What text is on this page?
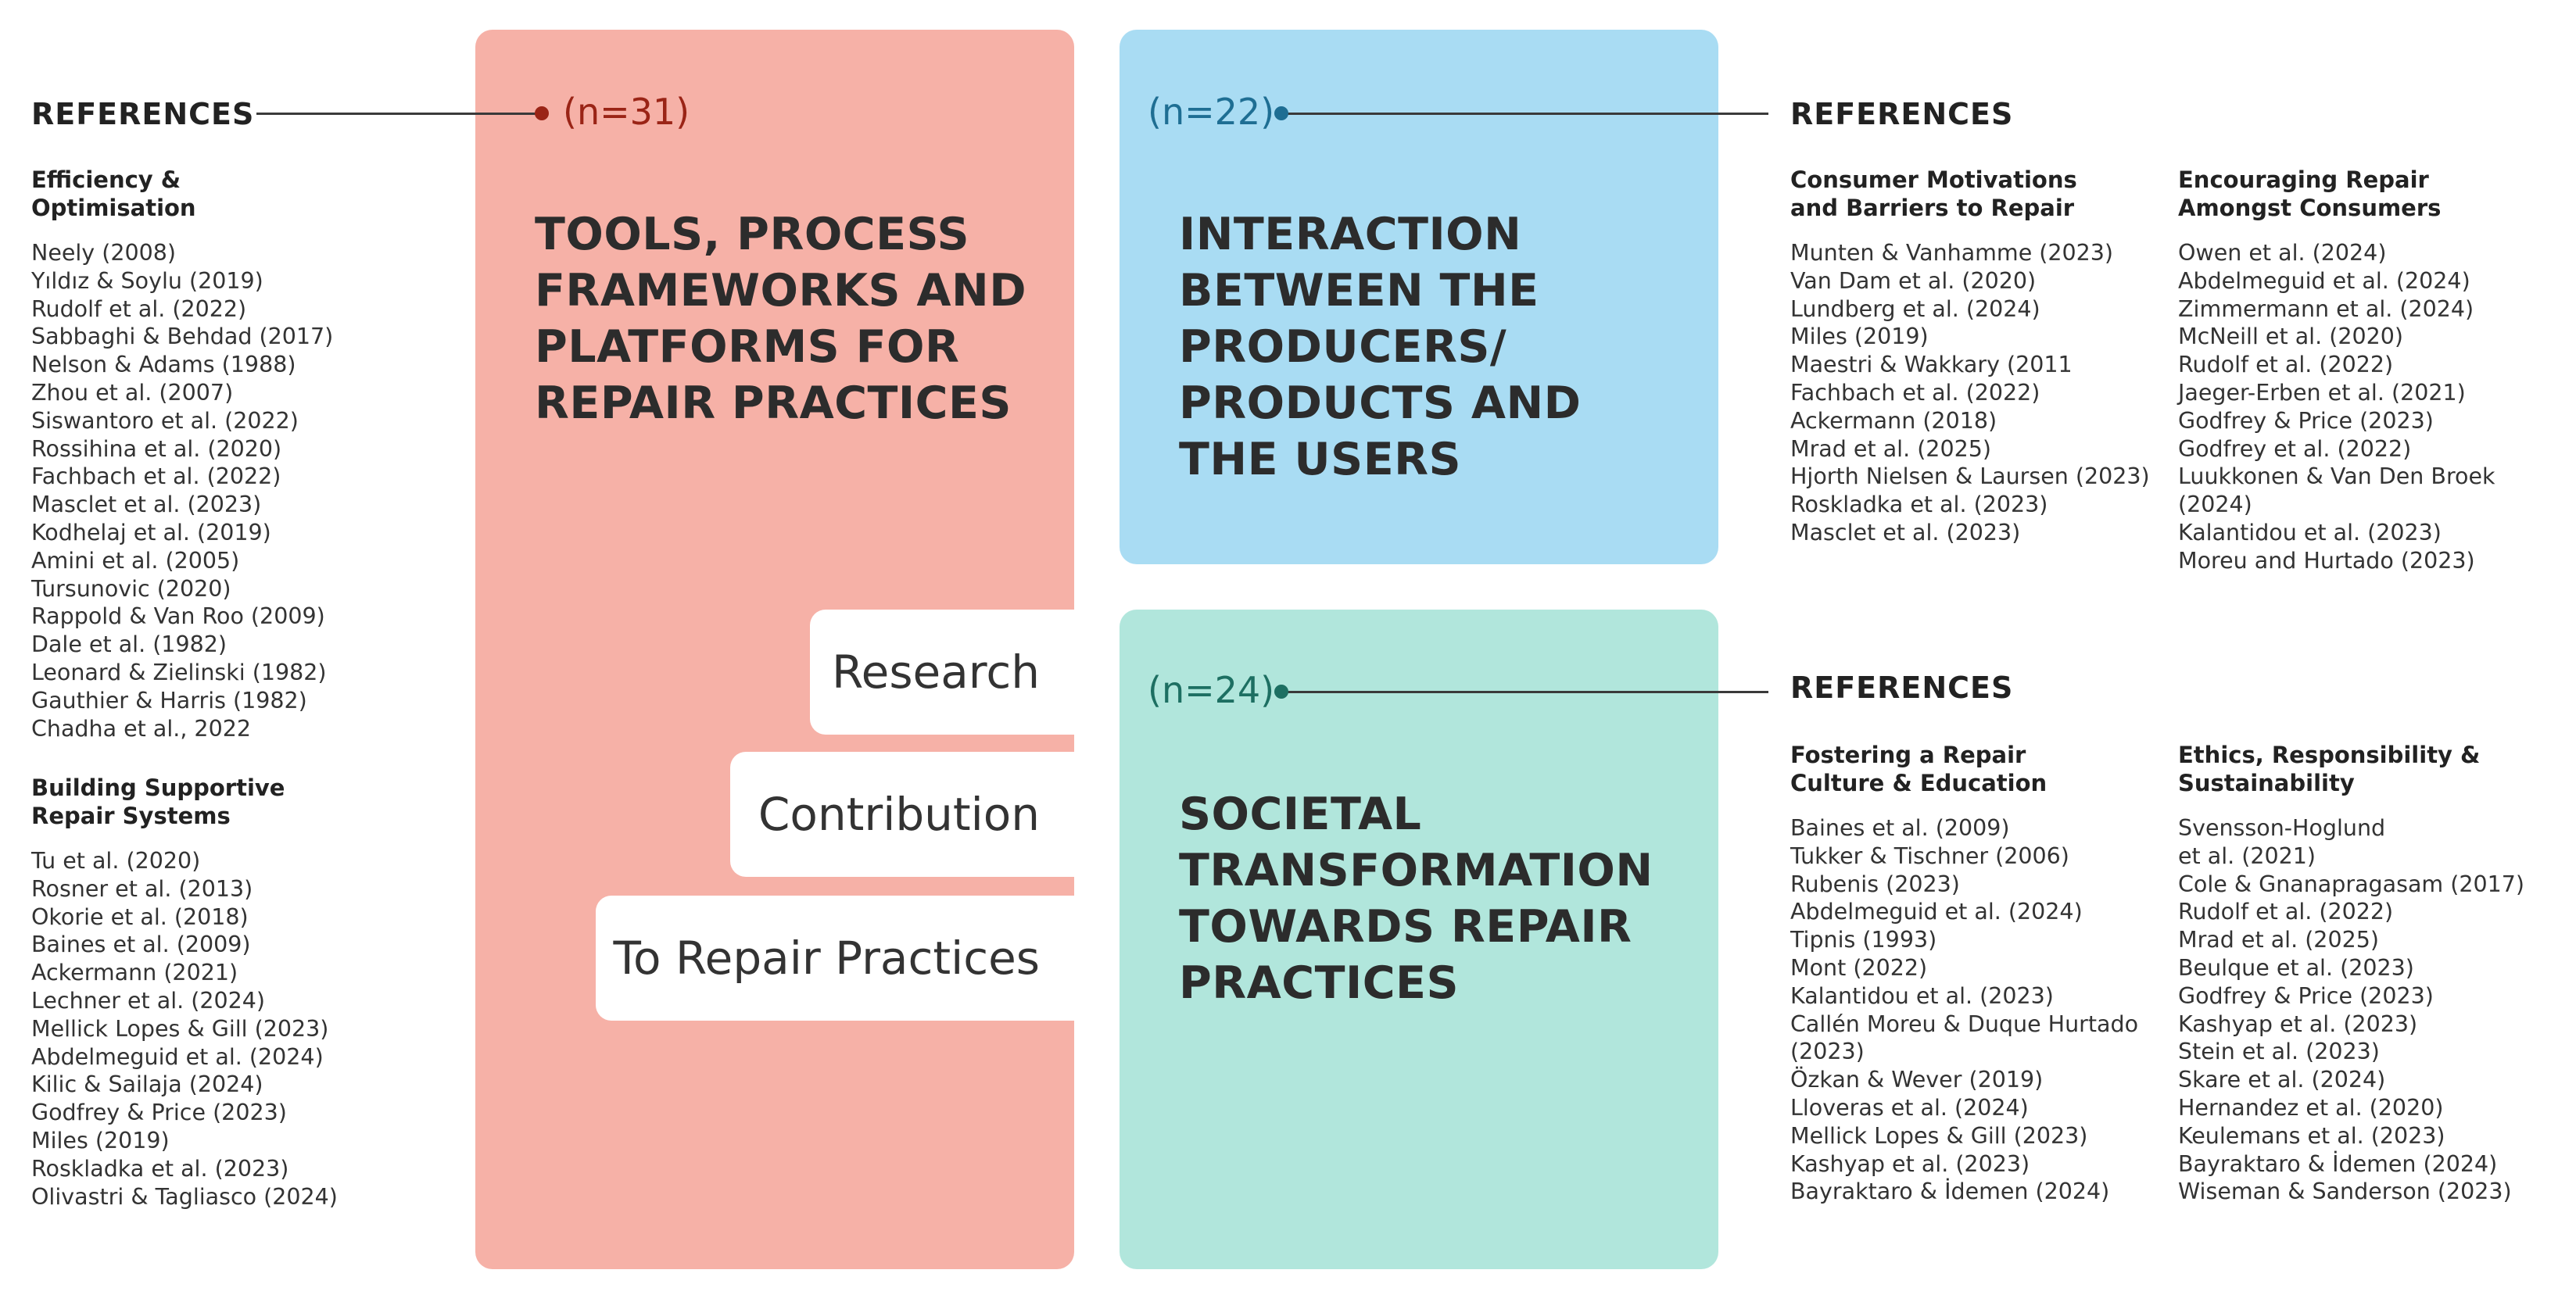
Research
Contribution
To Repair Practices
(n=31)	(n=22)
(n=24)
TOOLS, PROCESS
FRAMEWORKS AND
PLATFORMS FOR
REPAIR PRACTICES
INTERACTION
BETWEEN THE
PRODUCERS/
PRODUCTS AND
THE USERS
SOCIETAL
TRANSFORMATION
TOWARDS REPAIR
PRACTICES
REFERENCES
Efficiency &
Optimisation
Neely (2008)
Yıldız & Soylu (2019)
Rudolf et al. (2022)
Sabbaghi & Behdad (2017)
Nelson & Adams (1988)
Zhou et al. (2007)
Siswantoro et al. (2022)
Rossihina et al. (2020)
Fachbach et al. (2022)
Masclet et al. (2023)
Kodhelaj et al. (2019)
Amini et al. (2005)
Tursunovic (2020)
Rappold & Van Roo (2009)
Dale et al. (1982)
Leonard & Zielinski (1982)
Gauthier & Harris (1982)
Chadha et al., 2022
Building Supportive
Repair Systems
Tu et al. (2020)
Rosner et al. (2013)
Okorie et al. (2018)
Baines et al. (2009)
Ackermann (2021)
Lechner et al. (2024)
Mellick Lopes & Gill (2023)
Abdelmeguid et al. (2024)
Kilic & Sailaja (2024)
Godfrey & Price (2023)
Miles (2019)
Roskladka et al. (2023)
Olivastri & Tagliasco (2024)
REFERENCES
Consumer Motivations
and Barriers to Repair
Munten & Vanhamme (2023)
Van Dam et al. (2020)
Lundberg et al. (2024)
Miles (2019)
Maestri & Wakkary (2011
Fachbach et al. (2022)
Ackermann (2018)
Mrad et al. (2025)
Hjorth Nielsen & Laursen (2023)
Roskladka et al. (2023)
Masclet et al. (2023)
Encouraging Repair
Amongst Consumers
Owen et al. (2024)
Abdelmeguid et al. (2024)
Zimmermann et al. (2024)
McNeill et al. (2020)
Rudolf et al. (2022)
Jaeger-Erben et al. (2021)
Godfrey & Price (2023)
Godfrey et al. (2022)
Luukkonen & Van Den Broek (2024)
Kalantidou et al. (2023)
Moreu and Hurtado (2023)
REFERENCES
Fostering a Repair
Culture & Education
Baines et al. (2009)
Tukker & Tischner (2006)
Rubenis (2023)
Abdelmeguid et al. (2024)
Tipnis (1993)
Mont (2022)
Kalantidou et al. (2023)
Callén Moreu & Duque Hurtado
(2023)
Özkan & Wever (2019)
Lloveras et al. (2024)
Mellick Lopes & Gill (2023)
Kashyap et al. (2023)
Bayraktaro & İdemen (2024)
Ethics, Responsibility &
Sustainability
Svensson-Hoglund
et al. (2021)
Cole & Gnanapragasam (2017)
Rudolf et al. (2022)
Mrad et al. (2025)
Beulque et al. (2023)
Godfrey & Price (2023)
Kashyap et al. (2023)
Stein et al. (2023)
Skare et al. (2024)
Hernandez et al. (2020)
Keulemans et al. (2023)
Bayraktaro & İdemen (2024)
Wiseman & Sanderson (2023)
